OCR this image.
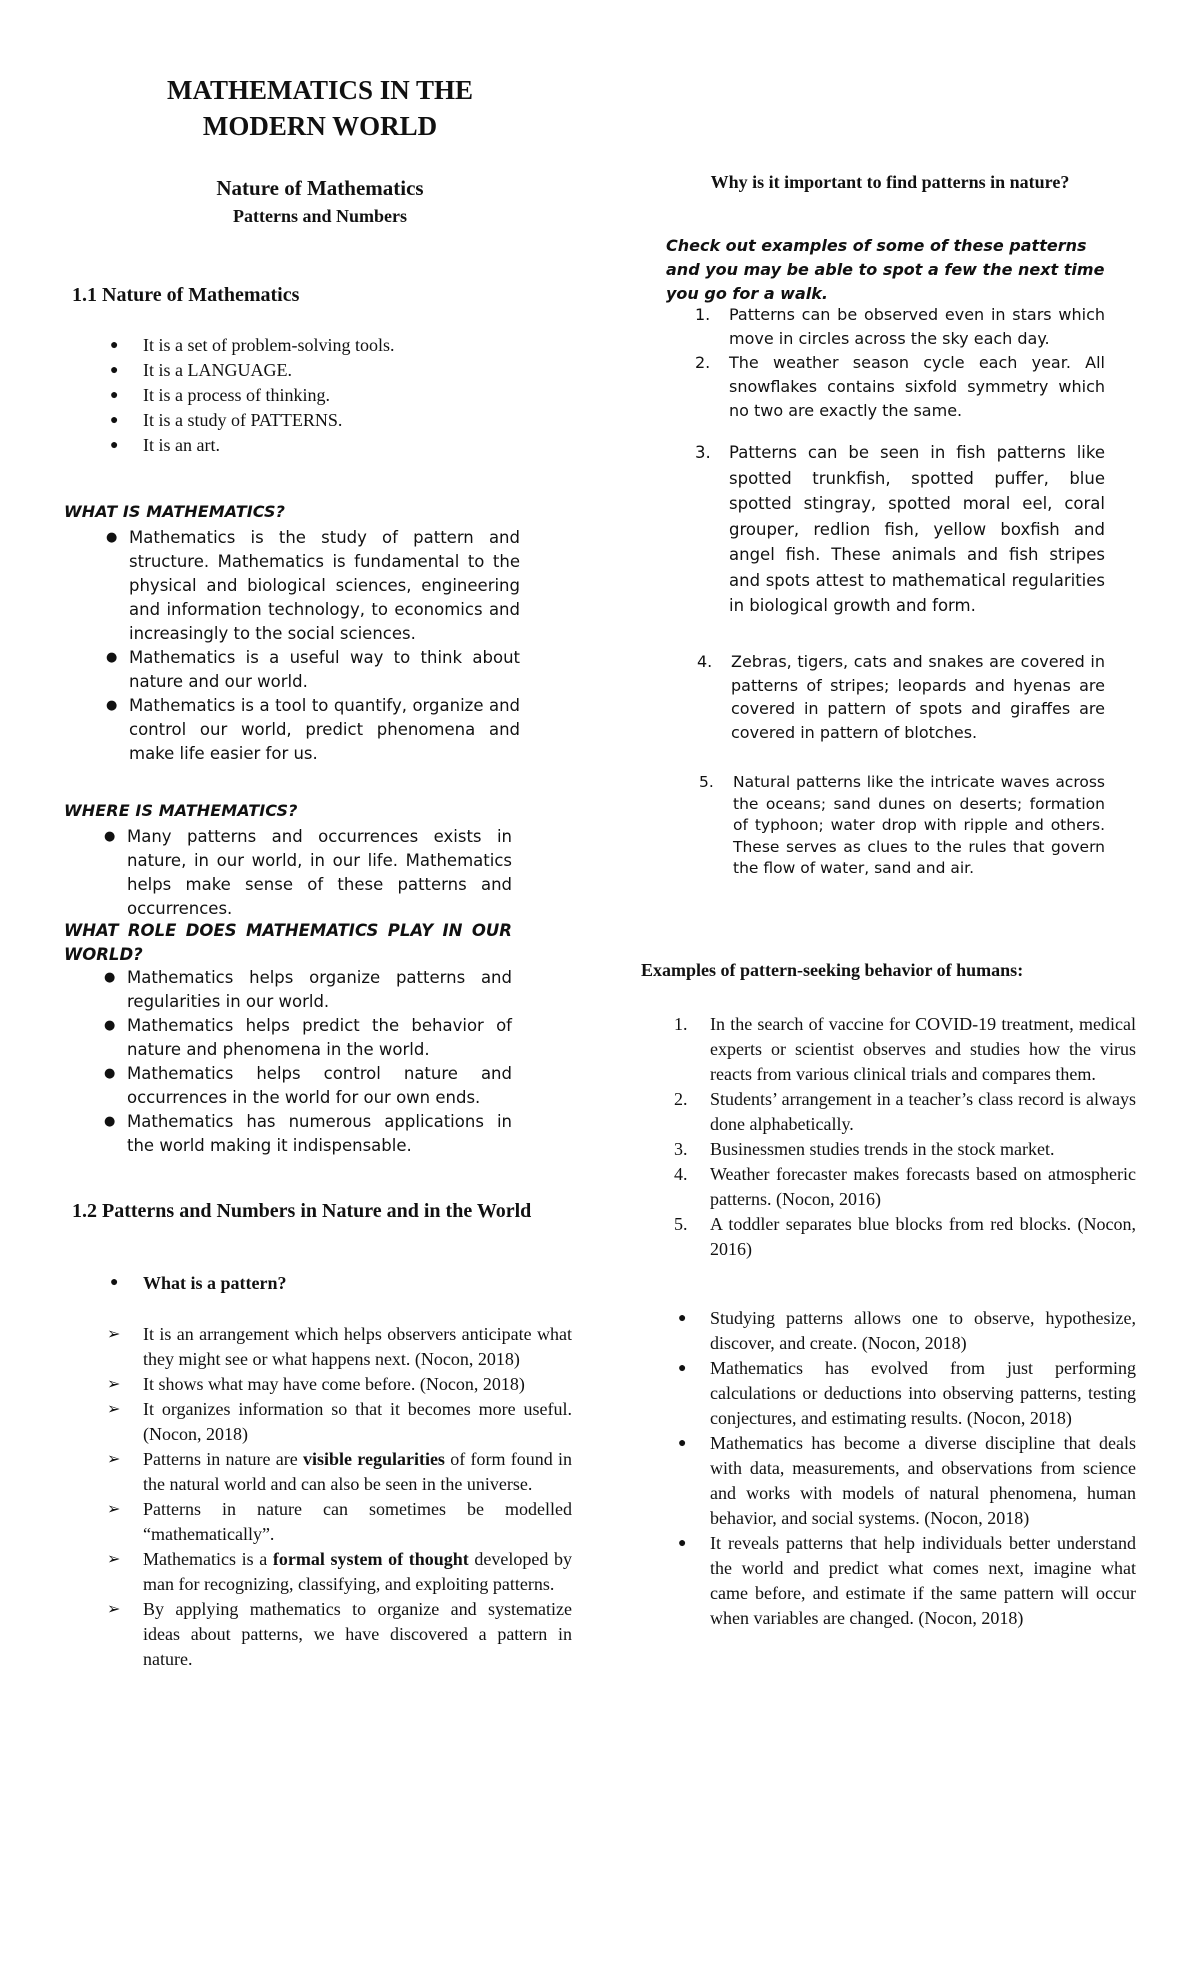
MATHEMATICS IN THE
MODERN WORLD
Nature of Mathematics
Patterns and Numbers
1.1 Nature of Mathematics
● It is a set of problem-solving tools.
● It is a LANGUAGE.
● It is a process of thinking.
● It is a study of PATTERNS.
● It is an art.
WHAT IS MATHEMATICS?
● Mathematics is the study of pattern and structure. Mathematics is fundamental to the physical and biological sciences, engineering and information technology, to economics and increasingly to the social sciences.
● Mathematics is a useful way to think about nature and our world.
● Mathematics is a tool to quantify, organize and control our world, predict phenomena and make life easier for us.
WHERE IS MATHEMATICS?
● Many patterns and occurrences exists in nature, in our world, in our life. Mathematics helps make sense of these patterns and occurrences.
WHAT ROLE DOES MATHEMATICS PLAY IN OUR WORLD?
● Mathematics helps organize patterns and regularities in our world.
● Mathematics helps predict the behavior of nature and phenomena in the world.
● Mathematics helps control nature and occurrences in the world for our own ends.
● Mathematics has numerous applications in the world making it indispensable.
1.2 Patterns and Numbers in Nature and in the World
● What is a pattern?
➢ It is an arrangement which helps observers anticipate what they might see or what happens next. (Nocon, 2018)
➢ It shows what may have come before. (Nocon, 2018)
➢ It organizes information so that it becomes more useful. (Nocon, 2018)
➢ Patterns in nature are visible regularities of form found in the natural world and can also be seen in the universe.
➢ Patterns in nature can sometimes be modelled “mathematically”.
➢ Mathematics is a formal system of thought developed by man for recognizing, classifying, and exploiting patterns.
➢ By applying mathematics to organize and systematize ideas about patterns, we have discovered a pattern in nature.
Why is it important to find patterns in nature?
Check out examples of some of these patterns and you may be able to spot a few the next time you go for a walk.
1. Patterns can be observed even in stars which move in circles across the sky each day.
2. The weather season cycle each year. All snowflakes contains sixfold symmetry which no two are exactly the same.
3. Patterns can be seen in fish patterns like spotted trunkfish, spotted puffer, blue spotted stingray, spotted moral eel, coral grouper, redlion fish, yellow boxfish and angel fish. These animals and fish stripes and spots attest to mathematical regularities in biological growth and form.
4. Zebras, tigers, cats and snakes are covered in patterns of stripes; leopards and hyenas are covered in pattern of spots and giraffes are covered in pattern of blotches.
5. Natural patterns like the intricate waves across the oceans; sand dunes on deserts; formation of typhoon; water drop with ripple and others. These serves as clues to the rules that govern the flow of water, sand and air.
Examples of pattern-seeking behavior of humans:
1. In the search of vaccine for COVID-19 treatment, medical experts or scientist observes and studies how the virus reacts from various clinical trials and compares them.
2. Students’ arrangement in a teacher’s class record is always done alphabetically.
3. Businessmen studies trends in the stock market.
4. Weather forecaster makes forecasts based on atmospheric patterns. (Nocon, 2016)
5. A toddler separates blue blocks from red blocks. (Nocon, 2016)
● Studying patterns allows one to observe, hypothesize, discover, and create. (Nocon, 2018)
● Mathematics has evolved from just performing calculations or deductions into observing patterns, testing conjectures, and estimating results. (Nocon, 2018)
● Mathematics has become a diverse discipline that deals with data, measurements, and observations from science and works with models of natural phenomena, human behavior, and social systems. (Nocon, 2018)
● It reveals patterns that help individuals better understand the world and predict what comes next, imagine what came before, and estimate if the same pattern will occur when variables are changed. (Nocon, 2018)
